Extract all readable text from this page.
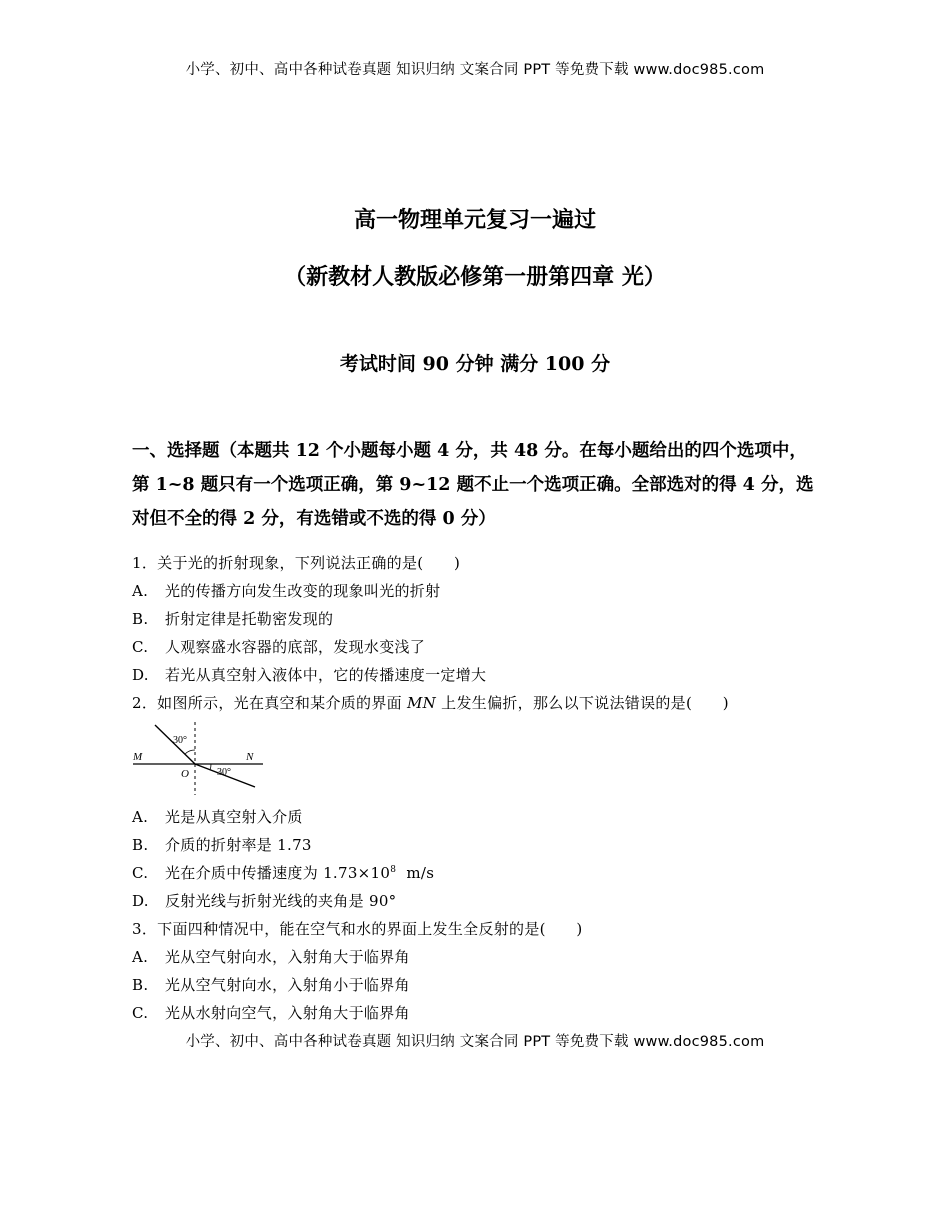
小学、初中、高中各种试卷真题 知识归纳 文案合同 PPT 等免费下载 www.doc985.com
高一物理单元复习一遍过
（新教材人教版必修第一册第四章 光）
考试时间 90 分钟 满分 100 分
一、选择题（本题共 12 个小题每小题 4 分，共 48 分。在每小题给出的四个选项中，第 1~8 题只有一个选项正确，第 9~12 题不止一个选项正确。全部选对的得 4 分，选对但不全的得 2 分，有选错或不选的得 0 分）
1．关于光的折射现象，下列说法正确的是(　　)
A. 光的传播方向发生改变的现象叫光的折射
B. 折射定律是托勒密发现的
C. 人观察盛水容器的底部，发现水变浅了
D. 若光从真空射入液体中，它的传播速度一定增大
2．如图所示，光在真空和某介质的界面 MN 上发生偏折，那么以下说法错误的是(　　)
M	N
O
30°
30°
A. 光是从真空射入介质
B. 介质的折射率是 1.73
C. 光在介质中传播速度为 $1.73\times 10^8$  m/s
D. 反射光线与折射光线的夹角是 90°
3．下面四种情况中，能在空气和水的界面上发生全反射的是(　　)
A. 光从空气射向水，入射角大于临界角
B. 光从空气射向水，入射角小于临界角
C. 光从水射向空气，入射角大于临界角
小学、初中、高中各种试卷真题 知识归纳 文案合同 PPT 等免费下载 www.doc985.com
